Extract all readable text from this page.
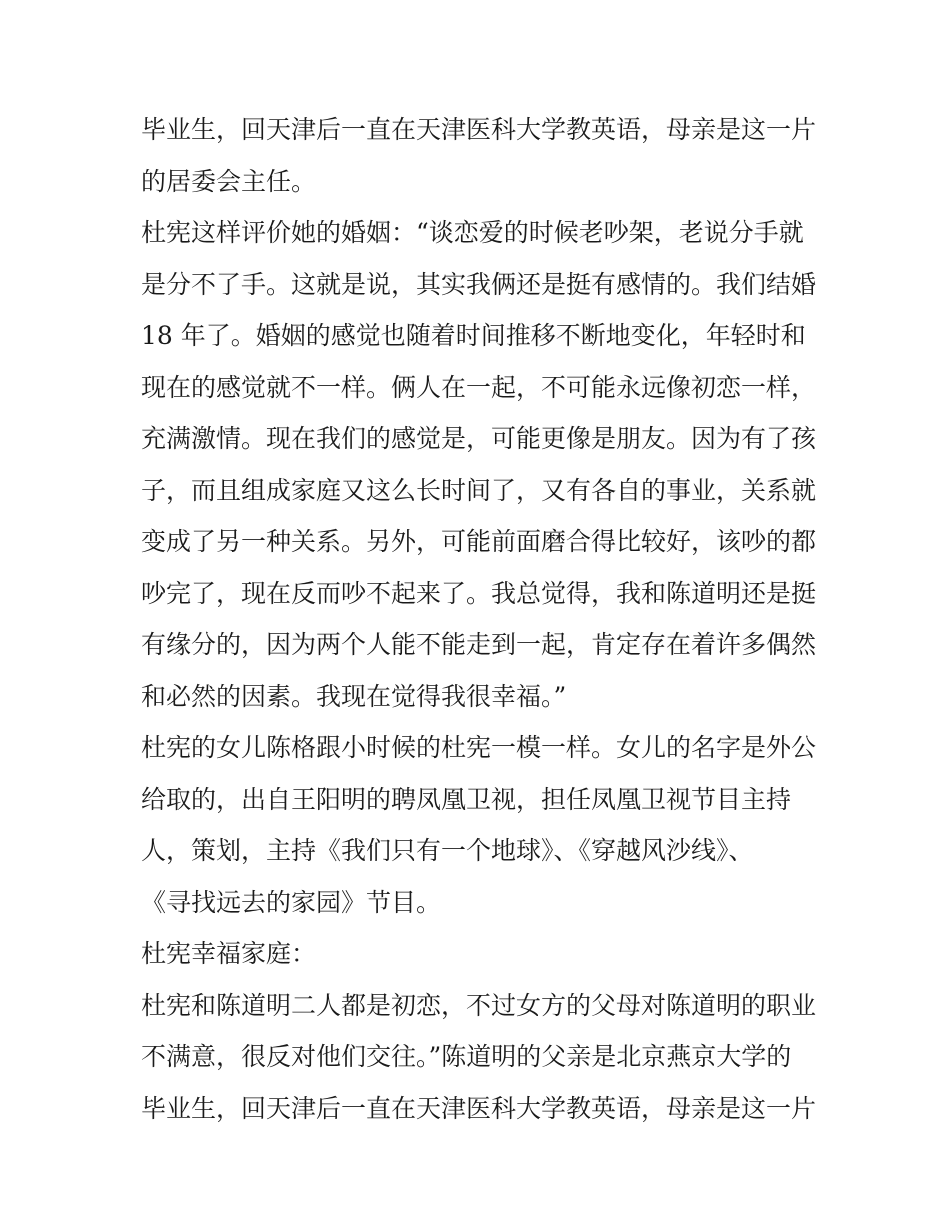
毕业生，回天津后一直在天津医科大学教英语，母亲是这一片
的居委会主任。
杜宪这样评价她的婚姻：“谈恋爱的时候老吵架，老说分手就
是分不了手。这就是说，其实我俩还是挺有感情的。我们结婚
18 年了。婚姻的感觉也随着时间推移不断地变化，年轻时和
现在的感觉就不一样。俩人在一起，不可能永远像初恋一样，
充满激情。现在我们的感觉是，可能更像是朋友。因为有了孩
子，而且组成家庭又这么长时间了，又有各自的事业，关系就
变成了另一种关系。另外，可能前面磨合得比较好，该吵的都
吵完了，现在反而吵不起来了。我总觉得，我和陈道明还是挺
有缘分的，因为两个人能不能走到一起，肯定存在着许多偶然
和必然的因素。我现在觉得我很幸福。”
杜宪的女儿陈格跟小时候的杜宪一模一样。女儿的名字是外公
给取的，出自王阳明的聘凤凰卫视，担任凤凰卫视节目主持
人，策划，主持《我们只有一个地球》、《穿越风沙线》、
《寻找远去的家园》节目。
杜宪幸福家庭：
杜宪和陈道明二人都是初恋，不过女方的父母对陈道明的职业
不满意，很反对他们交往。”陈道明的父亲是北京燕京大学的
毕业生，回天津后一直在天津医科大学教英语，母亲是这一片
